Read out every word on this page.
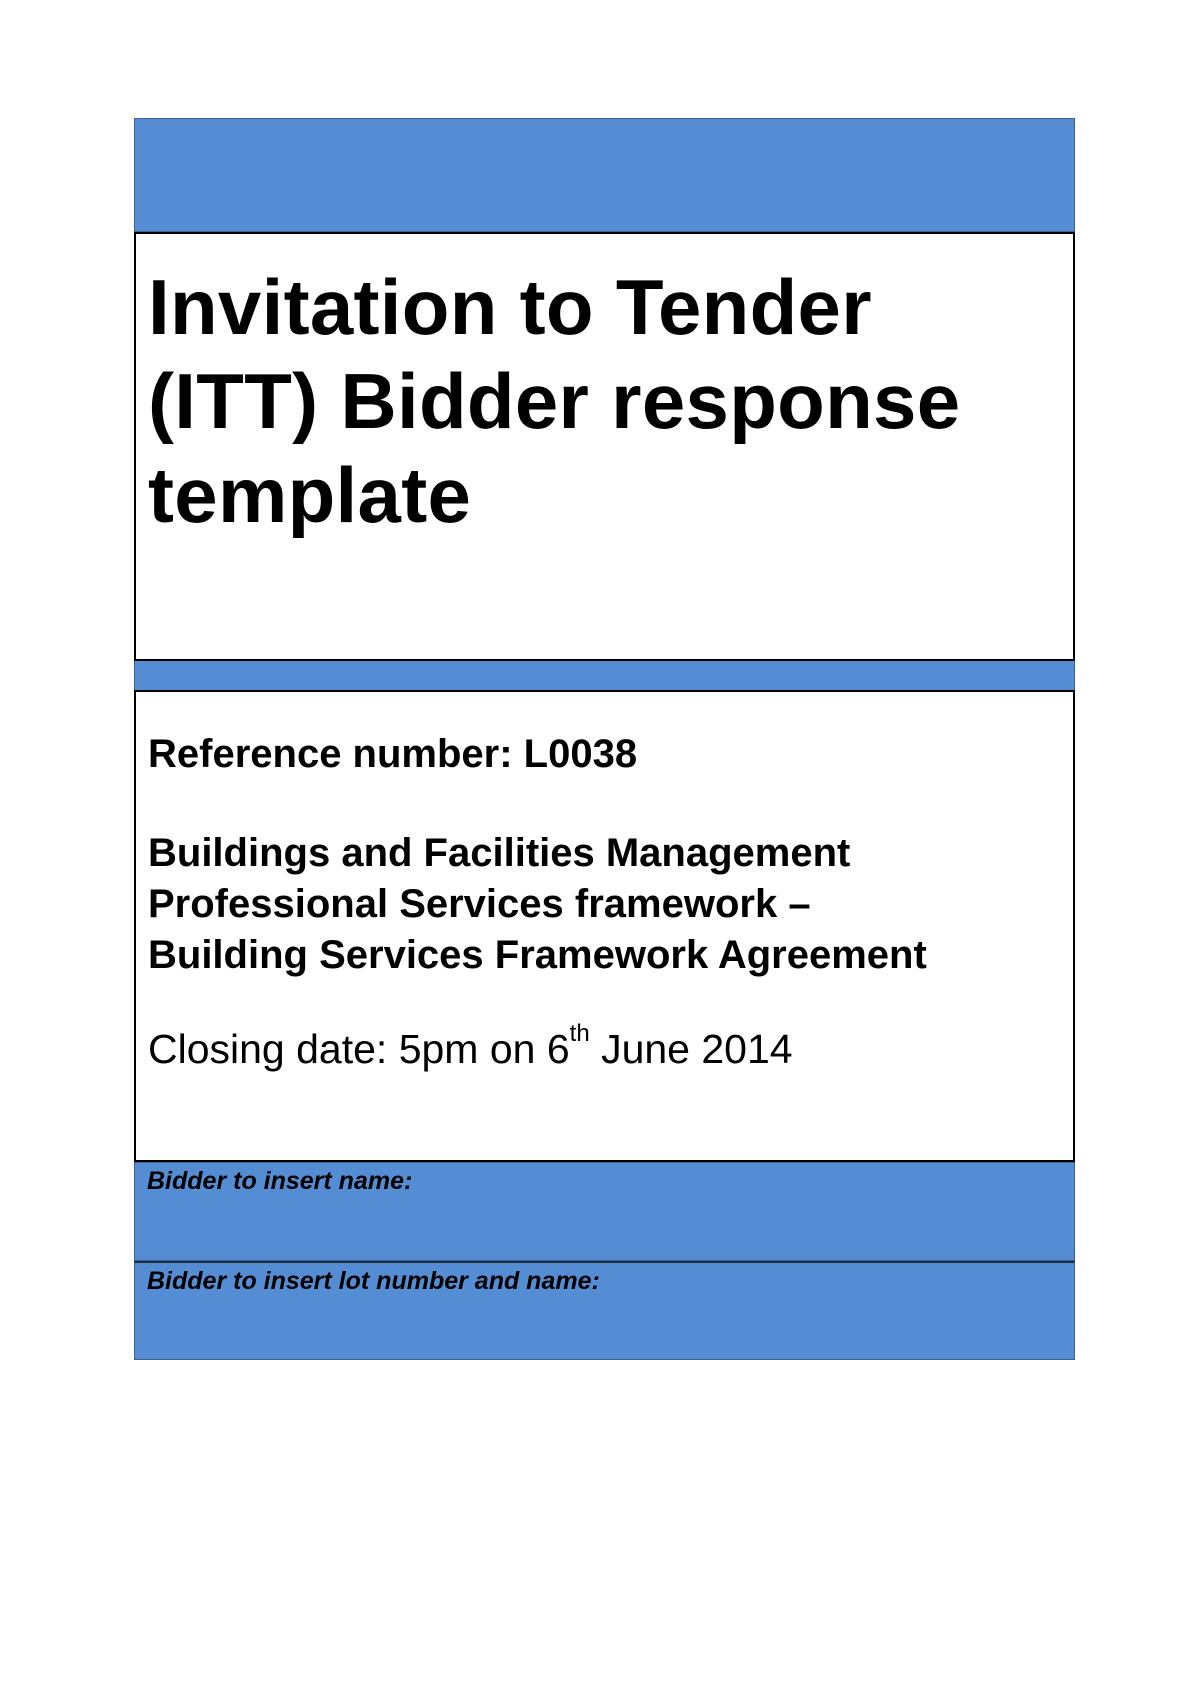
Invitation to Tender (ITT) Bidder response template

Reference number: L0038

Buildings and Facilities Management
Professional Services framework –
Building Services Framework Agreement

Closing date: 5pm on 6th June 2014

Bidder to insert name:
Bidder to insert lot number and name:
